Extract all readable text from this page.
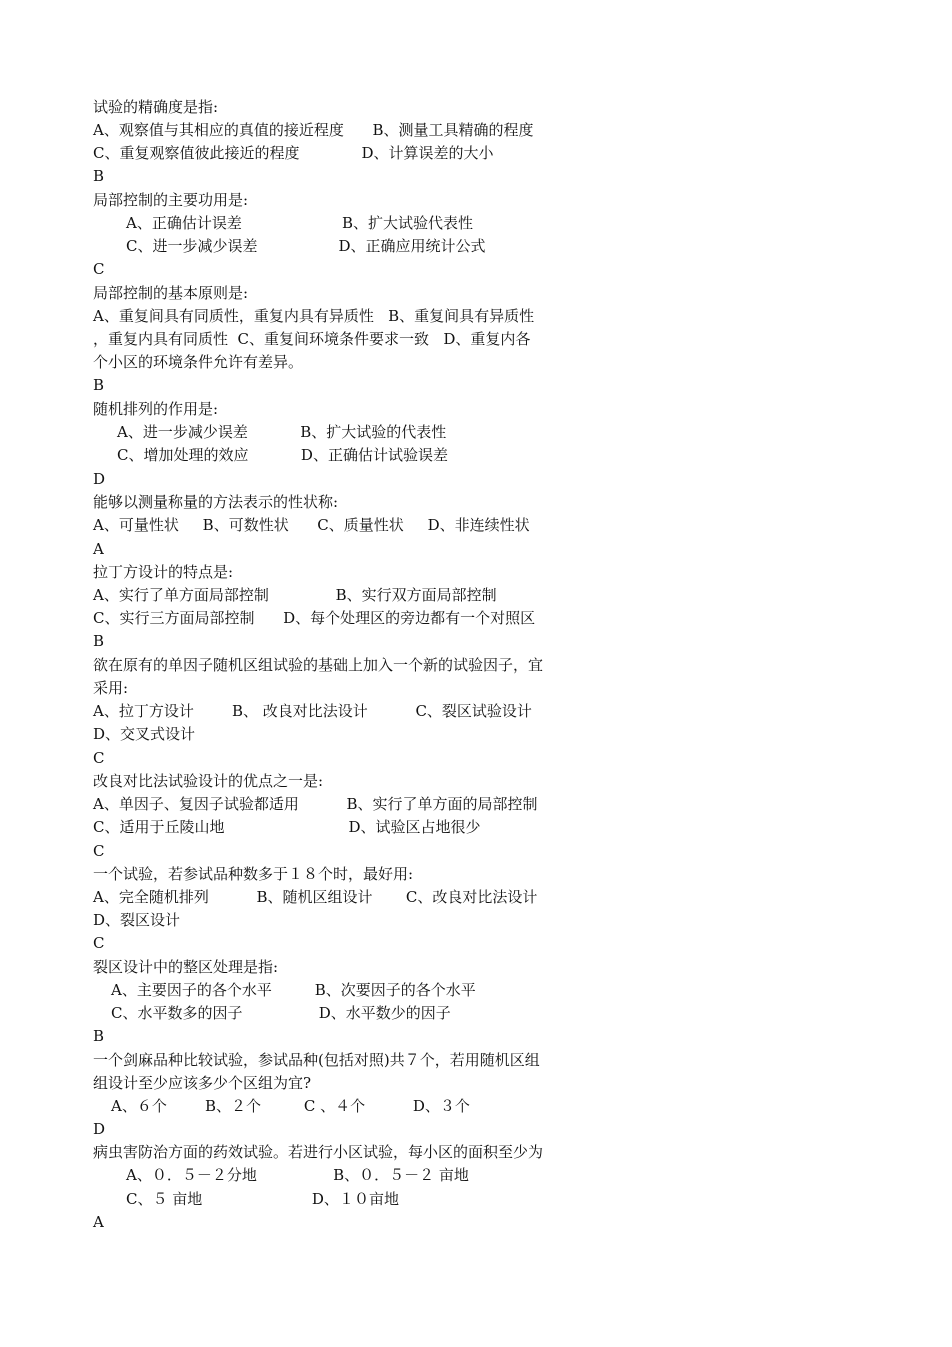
试验的精确度是指:
A、观察值与其相应的真值的接近程度      B、测量工具精确的程度
C、重复观察值彼此接近的程度             D、计算误差的大小
B
局部控制的主要功用是:
A、正确估计误差                     B、扩大试验代表性
C、进一步减少误差                 D、正确应用统计公式
C
局部控制的基本原则是:
A、重复间具有同质性，重复内具有异质性   B、重复间具有异质性
，重复内具有同质性  C、重复间环境条件要求一致   D、重复内各
个小区的环境条件允许有差异。
B
随机排列的作用是:
A、进一步减少误差           B、扩大试验的代表性
C、增加处理的效应           D、正确估计试验误差
D
能够以测量称量的方法表示的性状称:
A、可量性状     B、可数性状      C、质量性状     D、非连续性状
A
拉丁方设计的特点是:
A、实行了单方面局部控制              B、实行双方面局部控制
C、实行三方面局部控制      D、每个处理区的旁边都有一个对照区
B
欲在原有的单因子随机区组试验的基础上加入一个新的试验因子，宜
采用:
A、拉丁方设计        B、 改良对比法设计          C、裂区试验设计
D、交叉式设计
C
改良对比法试验设计的优点之一是:
A、单因子、复因子试验都适用          B、实行了单方面的局部控制
C、适用于丘陵山地                          D、试验区占地很少
C
一个试验，若参试品种数多于１８个时，最好用:
A、完全随机排列          B、随机区组设计       C、改良对比法设计
D、裂区设计
C
裂区设计中的整区处理是指:
A、主要因子的各个水平         B、次要因子的各个水平
C、水平数多的因子                D、水平数少的因子
B
一个剑麻品种比较试验，参试品种(包括对照)共７个，若用随机区组
组设计至少应该多少个区组为宜?
A、６个        B、２个         C 、４个          D、３个
D
病虫害防治方面的药效试验。若进行小区试验，每小区的面积至少为
A、０．５－２分地                B、０．５－２ 亩地
C、５ 亩地                       D、１０亩地
A
